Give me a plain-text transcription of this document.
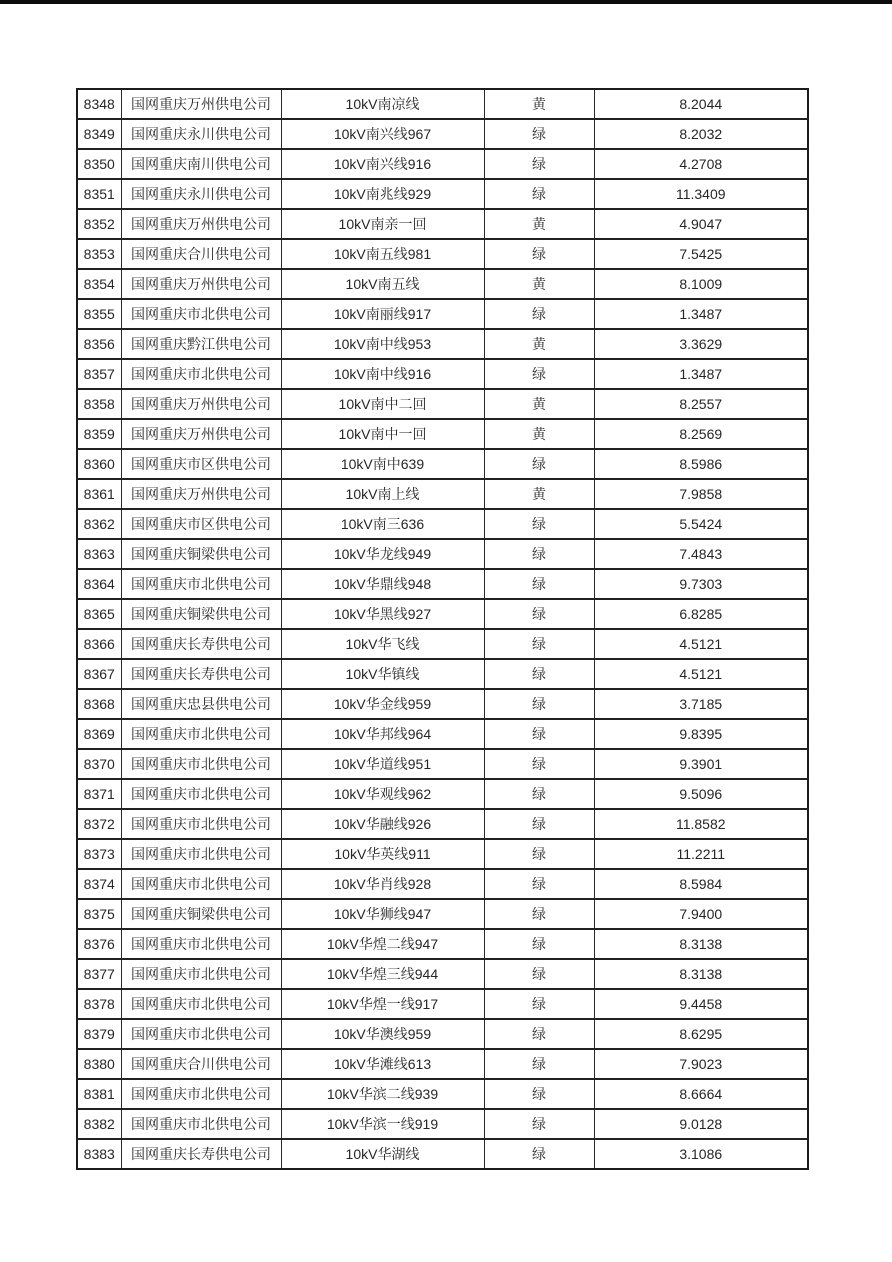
8348	国网重庆万州供电公司	10kV南凉线	黄	8.2044
8349	国网重庆永川供电公司	10kV南兴线967	绿	8.2032
8350	国网重庆南川供电公司	10kV南兴线916	绿	4.2708
8351	国网重庆永川供电公司	10kV南兆线929	绿	11.3409
8352	国网重庆万州供电公司	10kV南亲一回	黄	4.9047
8353	国网重庆合川供电公司	10kV南五线981	绿	7.5425
8354	国网重庆万州供电公司	10kV南五线	黄	8.1009
8355	国网重庆市北供电公司	10kV南丽线917	绿	1.3487
8356	国网重庆黔江供电公司	10kV南中线953	黄	3.3629
8357	国网重庆市北供电公司	10kV南中线916	绿	1.3487
8358	国网重庆万州供电公司	10kV南中二回	黄	8.2557
8359	国网重庆万州供电公司	10kV南中一回	黄	8.2569
8360	国网重庆市区供电公司	10kV南中639	绿	8.5986
8361	国网重庆万州供电公司	10kV南上线	黄	7.9858
8362	国网重庆市区供电公司	10kV南三636	绿	5.5424
8363	国网重庆铜梁供电公司	10kV华龙线949	绿	7.4843
8364	国网重庆市北供电公司	10kV华鼎线948	绿	9.7303
8365	国网重庆铜梁供电公司	10kV华黑线927	绿	6.8285
8366	国网重庆长寿供电公司	10kV华飞线	绿	4.5121
8367	国网重庆长寿供电公司	10kV华镇线	绿	4.5121
8368	国网重庆忠县供电公司	10kV华金线959	绿	3.7185
8369	国网重庆市北供电公司	10kV华邦线964	绿	9.8395
8370	国网重庆市北供电公司	10kV华道线951	绿	9.3901
8371	国网重庆市北供电公司	10kV华观线962	绿	9.5096
8372	国网重庆市北供电公司	10kV华融线926	绿	11.8582
8373	国网重庆市北供电公司	10kV华英线911	绿	11.2211
8374	国网重庆市北供电公司	10kV华肖线928	绿	8.5984
8375	国网重庆铜梁供电公司	10kV华狮线947	绿	7.9400
8376	国网重庆市北供电公司	10kV华煌二线947	绿	8.3138
8377	国网重庆市北供电公司	10kV华煌三线944	绿	8.3138
8378	国网重庆市北供电公司	10kV华煌一线917	绿	9.4458
8379	国网重庆市北供电公司	10kV华澳线959	绿	8.6295
8380	国网重庆合川供电公司	10kV华滩线613	绿	7.9023
8381	国网重庆市北供电公司	10kV华滨二线939	绿	8.6664
8382	国网重庆市北供电公司	10kV华滨一线919	绿	9.0128
8383	国网重庆长寿供电公司	10kV华湖线	绿	3.1086
